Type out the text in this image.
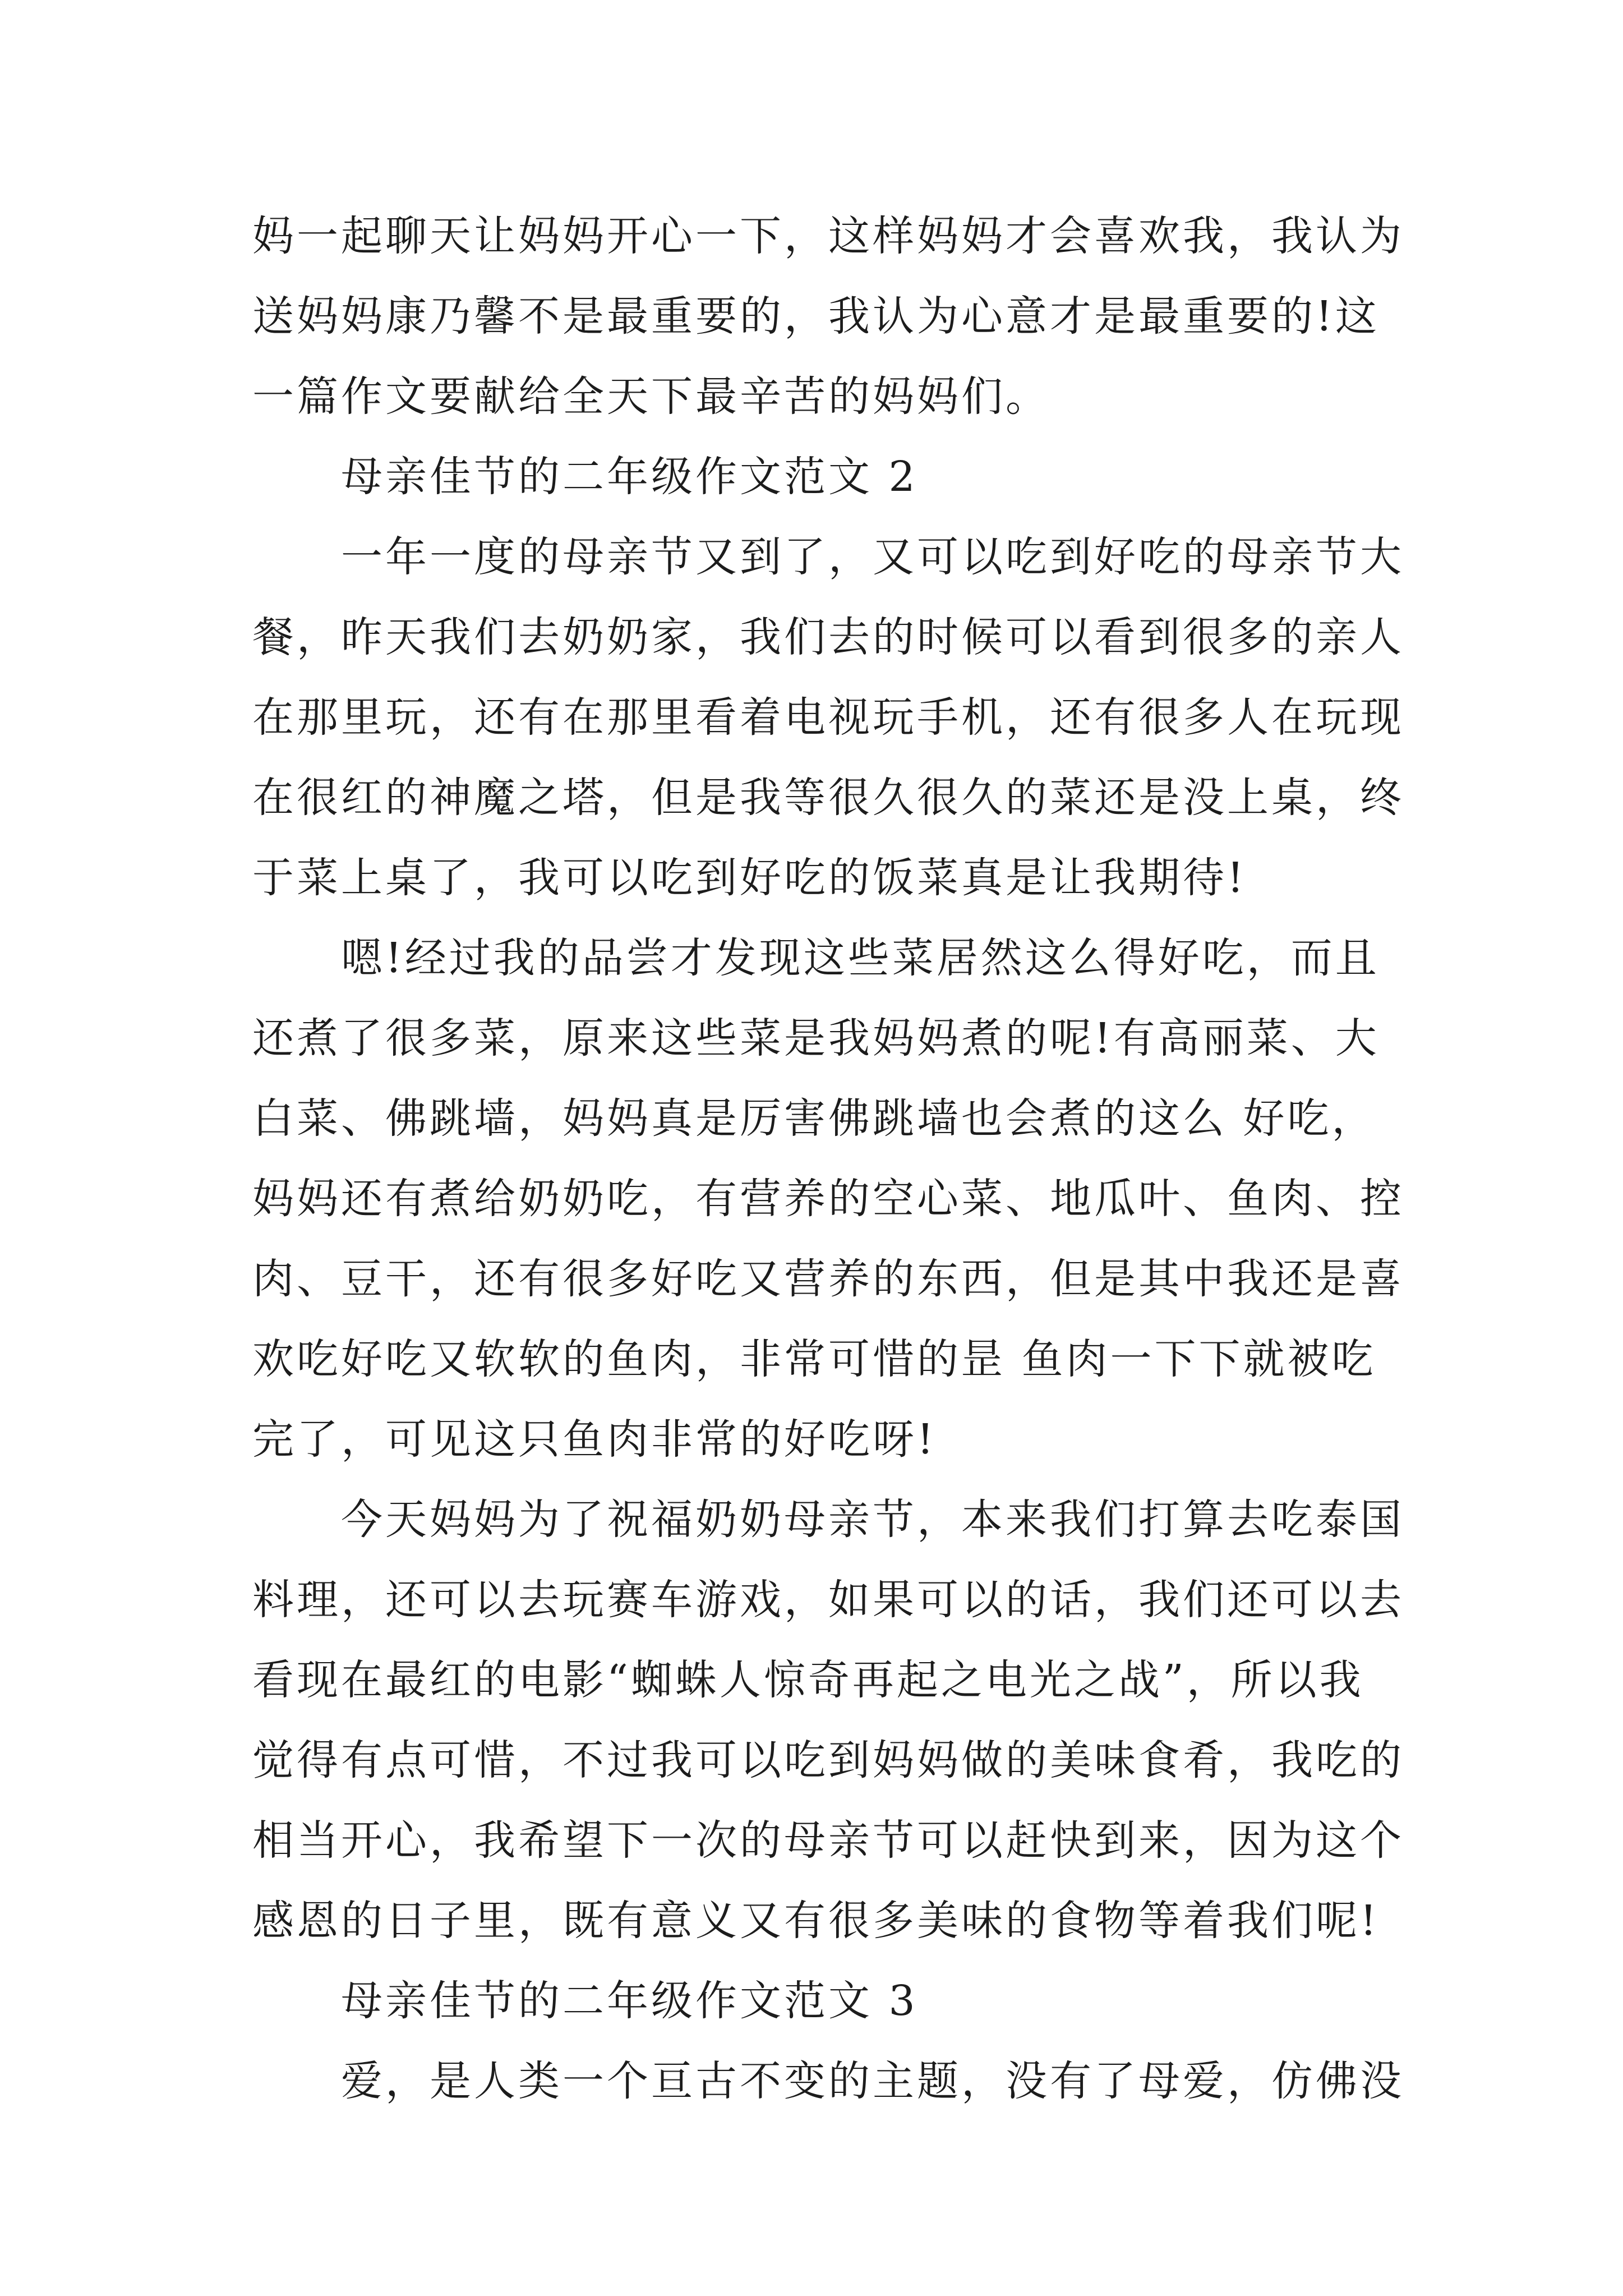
妈一起聊天让妈妈开心一下，这样妈妈才会喜欢我，我认为
送妈妈康乃馨不是最重要的，我认为心意才是最重要的!这
一篇作文要献给全天下最辛苦的妈妈们。
　　母亲佳节的二年级作文范文 2
　　一年一度的母亲节又到了，又可以吃到好吃的母亲节大
餐，昨天我们去奶奶家，我们去的时候可以看到很多的亲人
在那里玩，还有在那里看着电视玩手机，还有很多人在玩现
在很红的神魔之塔，但是我等很久很久的菜还是没上桌，终
于菜上桌了，我可以吃到好吃的饭菜真是让我期待!
　　嗯!经过我的品尝才发现这些菜居然这么得好吃，而且
还煮了很多菜，原来这些菜是我妈妈煮的呢!有高丽菜、大
白菜、佛跳墙，妈妈真是厉害佛跳墙也会煮的这么 好吃，
妈妈还有煮给奶奶吃，有营养的空心菜、地瓜叶、鱼肉、控
肉、豆干，还有很多好吃又营养的东西，但是其中我还是喜
欢吃好吃又软软的鱼肉，非常可惜的昰 鱼肉一下下就被吃
完了，可见这只鱼肉非常的好吃呀!
　　今天妈妈为了祝福奶奶母亲节，本来我们打算去吃泰国
料理，还可以去玩赛车游戏，如果可以的话，我们还可以去
看现在最红的电影“蜘蛛人惊奇再起之电光之战”，所以我
觉得有点可惜，不过我可以吃到妈妈做的美味食肴，我吃的
相当开心，我希望下一次的母亲节可以赶快到来，因为这个
感恩的日子里，既有意义又有很多美味的食物等着我们呢!
　　母亲佳节的二年级作文范文 3
　　爱，是人类一个亘古不变的主题，没有了母爱，仿佛没
